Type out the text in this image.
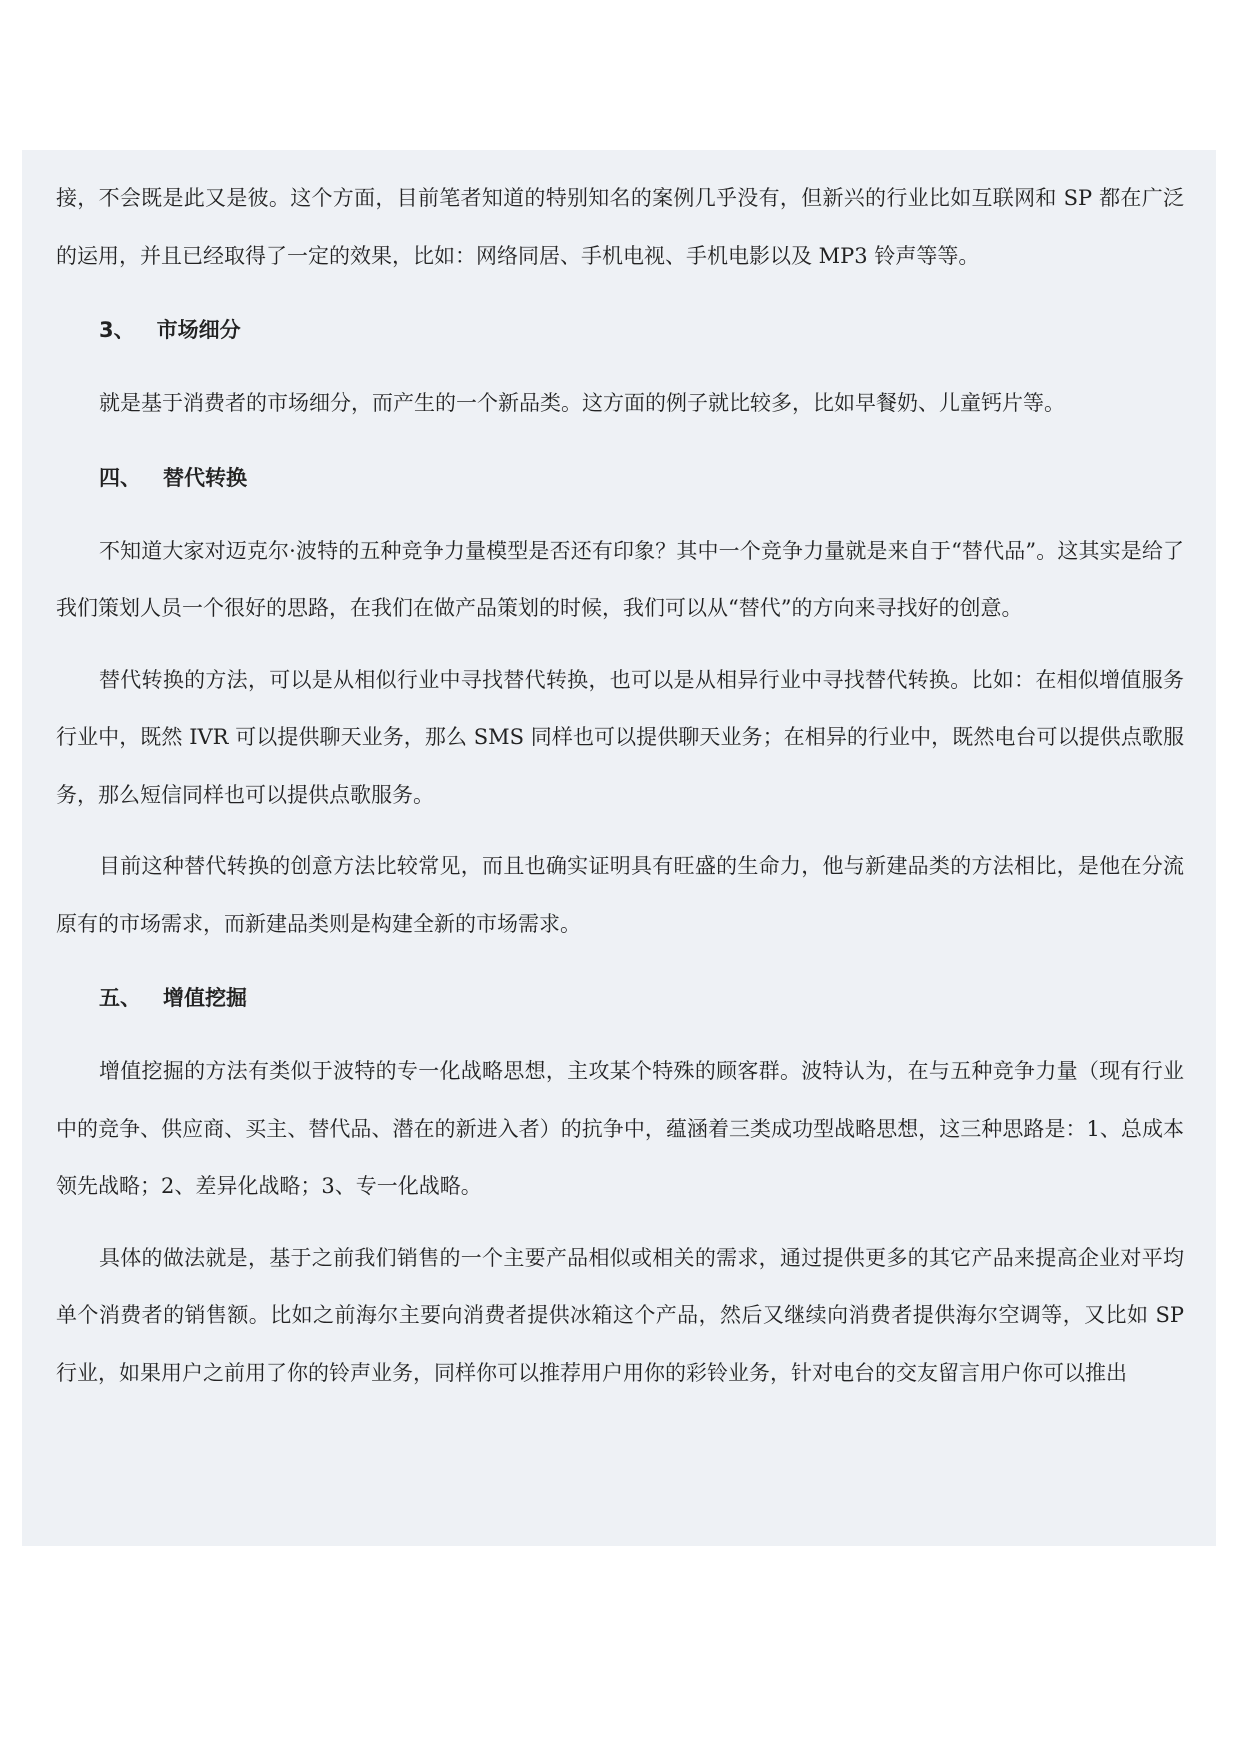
接，不会既是此又是彼。这个方面，目前笔者知道的特别知名的案例几乎没有，但新兴的行业比如互联网和 SP 都在广泛的运用，并且已经取得了一定的效果，比如：网络同居、手机电视、手机电影以及 MP3 铃声等等。

3、 市场细分

就是基于消费者的市场细分，而产生的一个新品类。这方面的例子就比较多，比如早餐奶、儿童钙片等。

四、 替代转换

不知道大家对迈克尔·波特的五种竞争力量模型是否还有印象？其中一个竞争力量就是来自于“替代品”。这其实是给了我们策划人员一个很好的思路，在我们在做产品策划的时候，我们可以从“替代”的方向来寻找好的创意。

替代转换的方法，可以是从相似行业中寻找替代转换，也可以是从相异行业中寻找替代转换。比如：在相似增值服务行业中，既然 IVR 可以提供聊天业务，那么 SMS 同样也可以提供聊天业务；在相异的行业中，既然电台可以提供点歌服务，那么短信同样也可以提供点歌服务。

目前这种替代转换的创意方法比较常见，而且也确实证明具有旺盛的生命力，他与新建品类的方法相比，是他在分流原有的市场需求，而新建品类则是构建全新的市场需求。

五、 增值挖掘

增值挖掘的方法有类似于波特的专一化战略思想，主攻某个特殊的顾客群。波特认为，在与五种竞争力量（现有行业中的竞争、供应商、买主、替代品、潜在的新进入者）的抗争中，蕴涵着三类成功型战略思想，这三种思路是：1、总成本领先战略；2、差异化战略；3、专一化战略。

具体的做法就是，基于之前我们销售的一个主要产品相似或相关的需求，通过提供更多的其它产品来提高企业对平均单个消费者的销售额。比如之前海尔主要向消费者提供冰箱这个产品，然后又继续向消费者提供海尔空调等，又比如 SP 行业，如果用户之前用了你的铃声业务，同样你可以推荐用户用你的彩铃业务，针对电台的交友留言用户你可以推出
